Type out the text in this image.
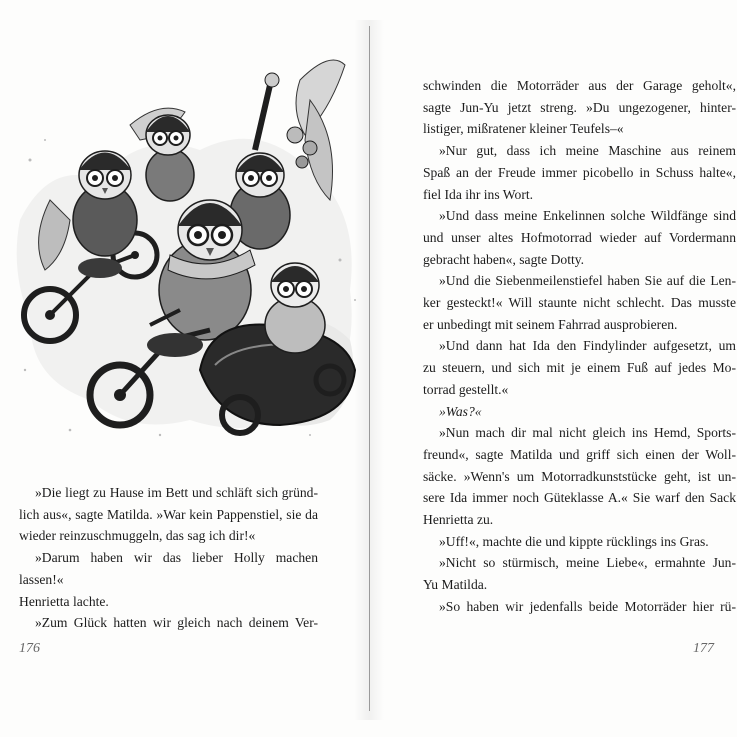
»Die liegt zu Hause im Bett und schläft sich gründ-
lich aus«, sagte Matilda. »War kein Pappenstiel, sie da
wieder reinzuschmuggeln, das sag ich dir!«

»Darum haben wir das lieber Holly machen lassen!«
Henrietta lachte.

»Zum Glück hatten wir gleich nach deinem Ver-

176

schwinden die Motorräder aus der Garage geholt«,
sagte Jun-Yu jetzt streng. »Du ungezogener, hinter-
listiger, mißratener kleiner Teufels–«

»Nur gut, dass ich meine Maschine aus reinem
Spaß an der Freude immer picobello in Schuss halte«,
fiel Ida ihr ins Wort.

»Und dass meine Enkelinnen solche Wildfänge sind
und unser altes Hofmotorrad wieder auf Vordermann
gebracht haben«, sagte Dotty.

»Und die Siebenmeilenstiefel haben Sie auf die Len-
ker gesteckt!« Will staunte nicht schlecht. Das musste
er unbedingt mit seinem Fahrrad ausprobieren.

»Und dann hat Ida den Findylinder aufgesetzt, um
zu steuern, und sich mit je einem Fuß auf jedes Mo-
torrad gestellt.«

»Was?«

»Nun mach dir mal nicht gleich ins Hemd, Sports-
freund«, sagte Matilda und griff sich einen der Woll-
säcke. »Wenn's um Motorradkunststücke geht, ist un-
sere Ida immer noch Güteklasse A.« Sie warf den Sack
Henrietta zu.

»Uff!«, machte die und kippte rücklings ins Gras.

»Nicht so stürmisch, meine Liebe«, ermahnte Jun-
Yu Matilda.

»So haben wir jedenfalls beide Motorräder hier rü-

177
